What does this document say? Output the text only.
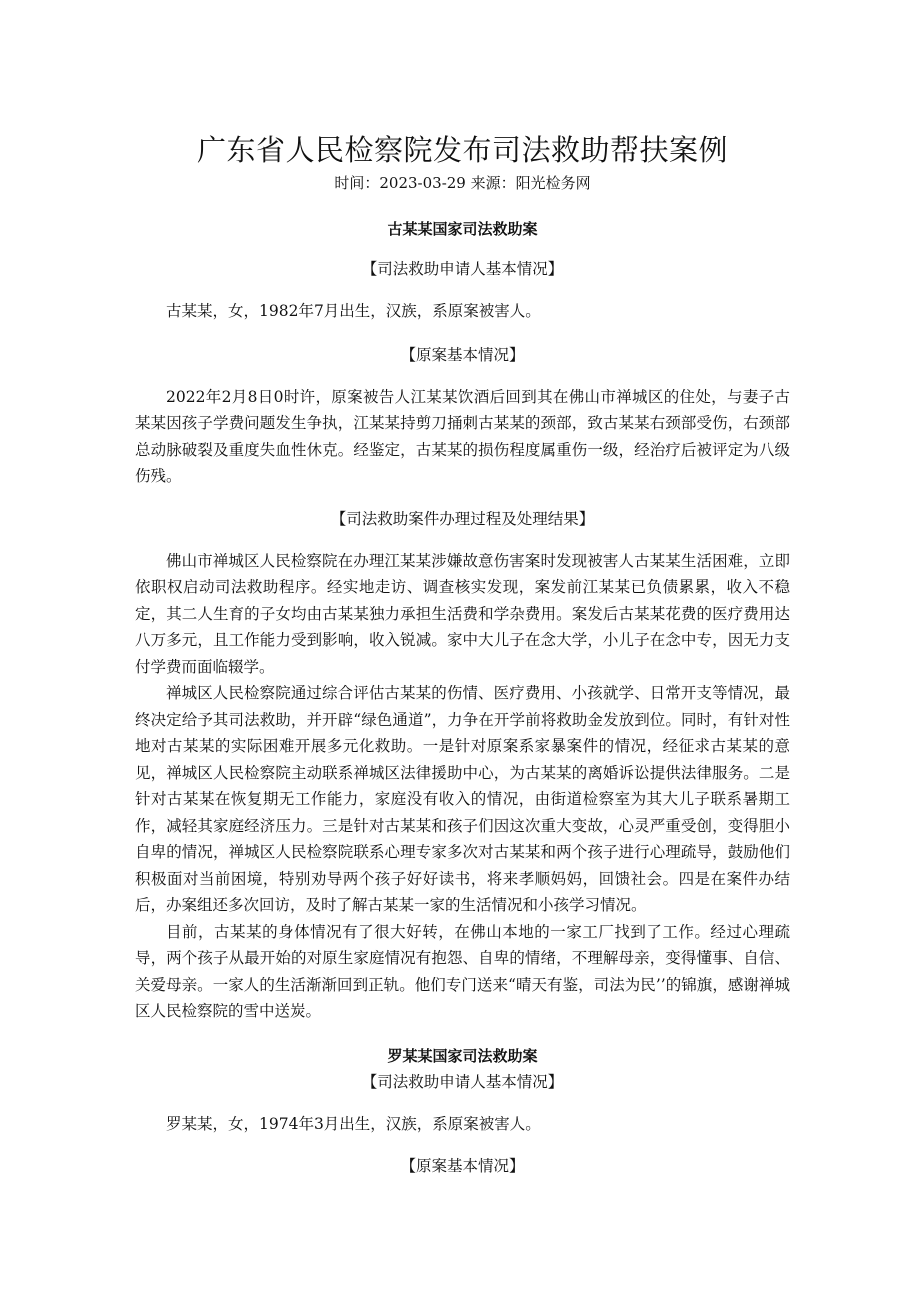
广东省人民检察院发布司法救助帮扶案例

时间：2023-03-29 来源：阳光检务网

古某某国家司法救助案

【司法救助申请人基本情况】

古某某，女，1982年7月出生，汉族，系原案被害人。

【原案基本情况】

2022年2月8日0时许，原案被告人江某某饮酒后回到其在佛山市禅城区的住处，与妻子古某某因孩子学费问题发生争执，江某某持剪刀捅刺古某某的颈部，致古某某右颈部受伤，右颈部总动脉破裂及重度失血性休克。经鉴定，古某某的损伤程度属重伤一级，经治疗后被评定为八级伤残。

【司法救助案件办理过程及处理结果】

佛山市禅城区人民检察院在办理江某某涉嫌故意伤害案时发现被害人古某某生活困难，立即依职权启动司法救助程序。经实地走访、调查核实发现，案发前江某某已负债累累，收入不稳定，其二人生育的子女均由古某某独力承担生活费和学杂费用。案发后古某某花费的医疗费用达八万多元，且工作能力受到影响，收入锐减。家中大儿子在念大学，小儿子在念中专，因无力支付学费而面临辍学。

禅城区人民检察院通过综合评估古某某的伤情、医疗费用、小孩就学、日常开支等情况，最终决定给予其司法救助，并开辟“绿色通道”，力争在开学前将救助金发放到位。同时，有针对性地对古某某的实际困难开展多元化救助。一是针对原案系家暴案件的情况，经征求古某某的意见，禅城区人民检察院主动联系禅城区法律援助中心，为古某某的离婚诉讼提供法律服务。二是针对古某某在恢复期无工作能力，家庭没有收入的情况，由街道检察室为其大儿子联系暑期工作，减轻其家庭经济压力。三是针对古某某和孩子们因这次重大变故，心灵严重受创，变得胆小自卑的情况，禅城区人民检察院联系心理专家多次对古某某和两个孩子进行心理疏导，鼓励他们积极面对当前困境，特别劝导两个孩子好好读书，将来孝顺妈妈，回馈社会。四是在案件办结后，办案组还多次回访，及时了解古某某一家的生活情况和小孩学习情况。

目前，古某某的身体情况有了很大好转，在佛山本地的一家工厂找到了工作。经过心理疏导，两个孩子从最开始的对原生家庭情况有抱怨、自卑的情绪，不理解母亲，变得懂事、自信、关爱母亲。一家人的生活渐渐回到正轨。他们专门送来“晴天有鉴，司法为民’’的锦旗，感谢禅城区人民检察院的雪中送炭。

罗某某国家司法救助案

【司法救助申请人基本情况】

罗某某，女，1974年3月出生，汉族，系原案被害人。

【原案基本情况】
